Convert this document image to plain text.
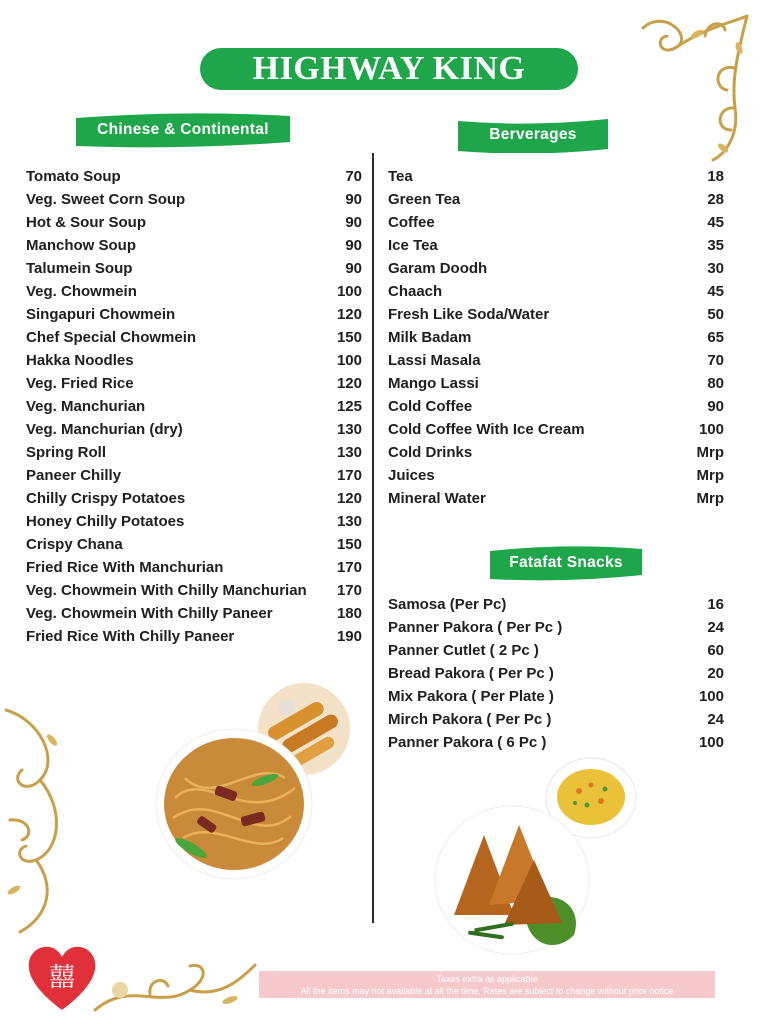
囍
HIGHWAY KING
Chinese & Continental	Berverages
Fatafat Snacks
Tomato Soup	70
Veg. Sweet Corn Soup	90
Hot & Sour Soup	90
Manchow Soup	90
Talumein Soup	90
Veg. Chowmein	100
Singapuri Chowmein	120
Chef Special Chowmein	150
Hakka Noodles	100
Veg. Fried Rice	120
Veg. Manchurian	125
Veg. Manchurian (dry)	130
Spring Roll	130
Paneer Chilly	170
Chilly Crispy Potatoes	120
Honey Chilly Potatoes	130
Crispy Chana	150
Fried Rice With Manchurian	170
Veg. Chowmein With Chilly Manchurian 170
Veg. Chowmein With Chilly Paneer	180
Fried Rice With Chilly Paneer	190
Tea	18
Green Tea	28
Coffee	45
Ice Tea	35
Garam Doodh	30
Chaach	45
Fresh Like Soda/Water	50
Milk Badam	65
Lassi Masala	70
Mango Lassi	80
Cold Coffee	90
Cold Coffee With Ice Cream	100
Cold Drinks	Mrp
Juices	Mrp
Mineral Water	Mrp
Samosa (Per Pc)	16
Panner Pakora ( Per Pc )	24
Panner Cutlet ( 2 Pc )	60
Bread Pakora ( Per Pc )	20
Mix Pakora ( Per Plate )	100
Mirch Pakora ( Per Pc )	24
Panner Pakora ( 6 Pc )	100
Taxes extra as applicable
All the items may not available at all the time. Rates are subject to change without prior notice
